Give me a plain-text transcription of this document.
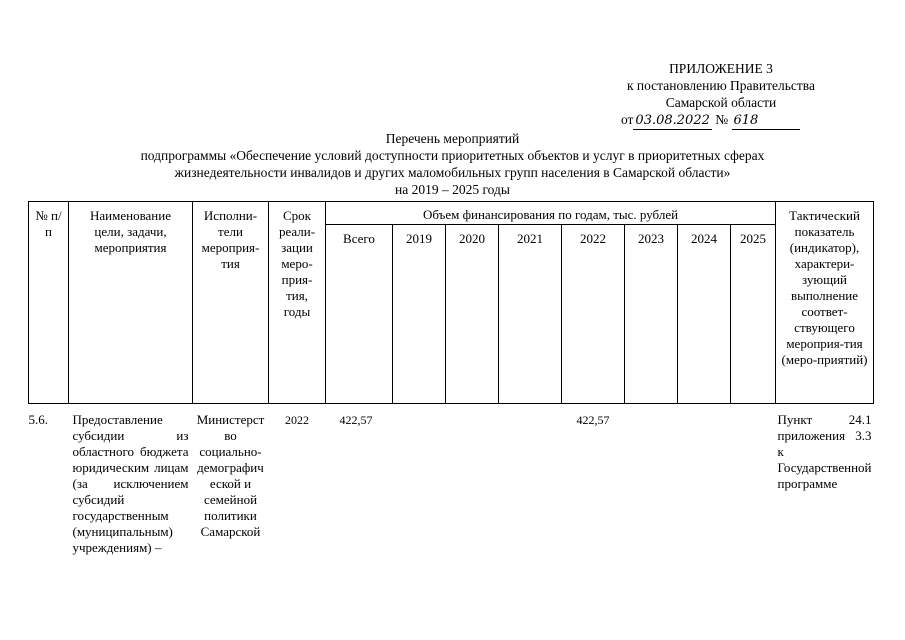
ПРИЛОЖЕНИЕ 3
к постановлению Правительства
Самарской области
от 03.08.2022 № 618
Перечень мероприятий
подпрограммы «Обеспечение условий доступности приоритетных объектов и услуг в приоритетных сферах
жизнедеятельности инвалидов и других маломобильных групп населения в Самарской области»
на 2019 – 2025 годы
№ п/п	Наименование цели, задачи, мероприятия	Исполни-тели мероприя-тия	Срок реали-зации меро-прия-тия, годы	Объем финансирования по годам, тыс. рублей								Тактический показатель (индикатор), характери-зующий выполнение соответ-ствующего мероприя-тия (меро-приятий)

				Всего	2019	2020	2021	2022	2023	2024	2025	

5.6.	Предоставление субсидии из областного бюджета юридическим лицам (за исключением субсидий государственным (муниципальным) учреждениям) –	Министерство социально-демографической и семейной политики Самарской	2022	422,57				422,57				Пункт 24.1 приложения 3.3 к Государственной программе
